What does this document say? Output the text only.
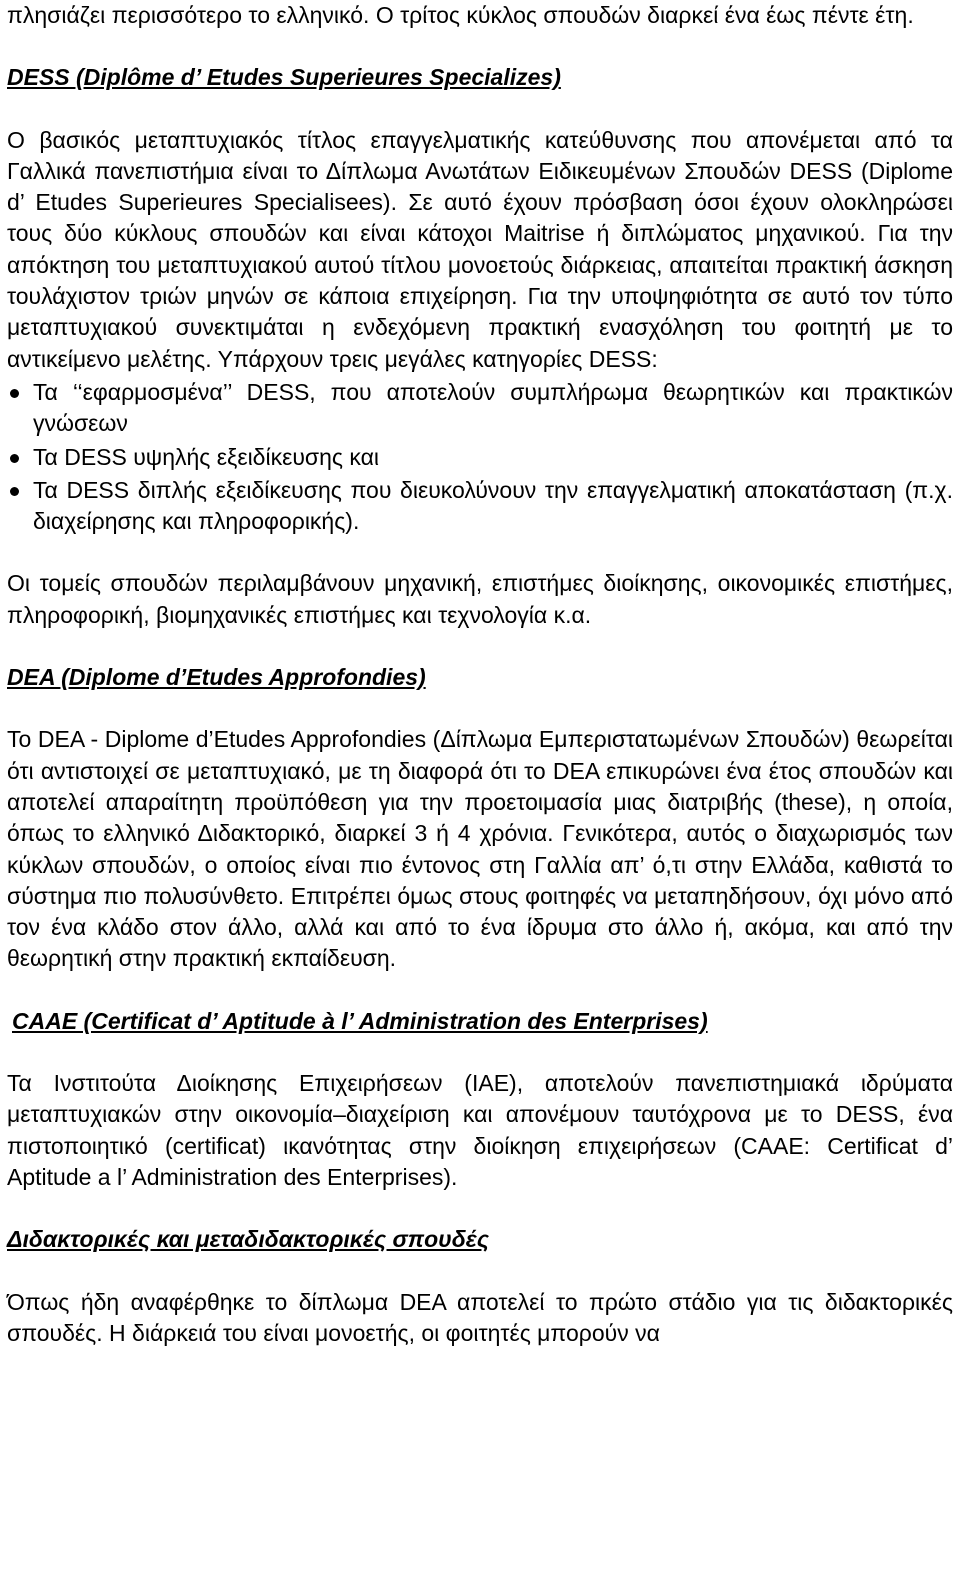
πλησιάζει περισσότερο το ελληνικό. Ο τρίτος κύκλος σπουδών διαρκεί ένα έως πέντε έτη.

DESS (Diplôme d’ Etudes Superieures Specializes)

Ο βασικός μεταπτυχιακός τίτλος επαγγελματικής κατεύθυνσης που απονέμεται από τα Γαλλικά πανεπιστήμια είναι το Δίπλωμα Ανωτάτων Ειδικευμένων Σπουδών DESS (Diplome d’ Etudes Superieures Specialisees). Σε αυτό έχουν πρόσβαση όσοι έχουν ολοκληρώσει τους δύο κύκλους σπουδών και είναι κάτοχοι Maitrise ή διπλώματος μηχανικού. Για την απόκτηση του μεταπτυχιακού αυτού τίτλου μονοετούς διάρκειας, απαιτείται πρακτική άσκηση τουλάχιστον τριών μηνών σε κάποια επιχείρηση. Για την υποψηφιότητα σε αυτό τον τύπο μεταπτυχιακού συνεκτιμάται η ενδεχόμενη πρακτική ενασχόληση του φοιτητή με το αντικείμενο μελέτης. Υπάρχουν τρεις μεγάλες κατηγορίες DESS:

Τα ‘‘εφαρμοσμένα’’ DESS, που αποτελούν συμπλήρωμα θεωρητικών και πρακτικών γνώσεων
Τα DESS υψηλής εξειδίκευσης και
Τα DESS διπλής εξειδίκευσης που διευκολύνουν την επαγγελματική αποκατάσταση (π.χ. διαχείρησης και πληροφορικής).

Οι τομείς σπουδών περιλαμβάνουν μηχανική, επιστήμες διοίκησης, οικονομικές επιστήμες, πληροφορική, βιομηχανικές επιστήμες και τεχνολογία κ.α.

DEA (Diplome d’Etudes Approfondies)

Το DEA - Diplome d’Etudes Approfondies (Δίπλωμα Εμπεριστατωμένων Σπουδών) θεωρείται ότι αντιστοιχεί σε μεταπτυχιακό, με τη διαφορά ότι το DEA επικυρώνει ένα έτος σπουδών και αποτελεί απαραίτητη προϋπόθεση για την προετοιμασία μιας διατριβής (these), η οποία, όπως το ελληνικό Διδακτορικό, διαρκεί 3 ή 4 χρόνια. Γενικότερα, αυτός ο διαχωρισμός των κύκλων σπουδών, ο οποίος είναι πιο έντονος στη Γαλλία απ’ ό,τι στην Ελλάδα, καθιστά το σύστημα πιο πολυσύνθετο. Επιτρέπει όμως στους φοιτηφές να μεταπηδήσουν, όχι μόνο από τον ένα κλάδο στον άλλο, αλλά και από το ένα ίδρυμα στο άλλο ή, ακόμα, και από την θεωρητική στην πρακτική εκπαίδευση.

CAAE (Certificat d’ Aptitude à l’ Administration des Enterprises)

Τα Ινστιτούτα Διοίκησης Επιχειρήσεων (IAE), αποτελούν πανεπιστημιακά ιδρύματα μεταπτυχιακών στην οικονομία–διαχείριση και απονέμουν ταυτόχρονα με το DESS, ένα πιστοποιητικό (certificat) ικανότητας στην διοίκηση επιχειρήσεων (CAAE: Certificat d’ Aptitude a l’ Administration des Enterprises).

Διδακτορικές και μεταδιδακτορικές σπουδές

Όπως ήδη αναφέρθηκε το δίπλωμα DEA αποτελεί το πρώτο στάδιο για τις διδακτορικές σπουδές. Η διάρκειά του είναι μονοετής, οι φοιτητές μπορούν να
